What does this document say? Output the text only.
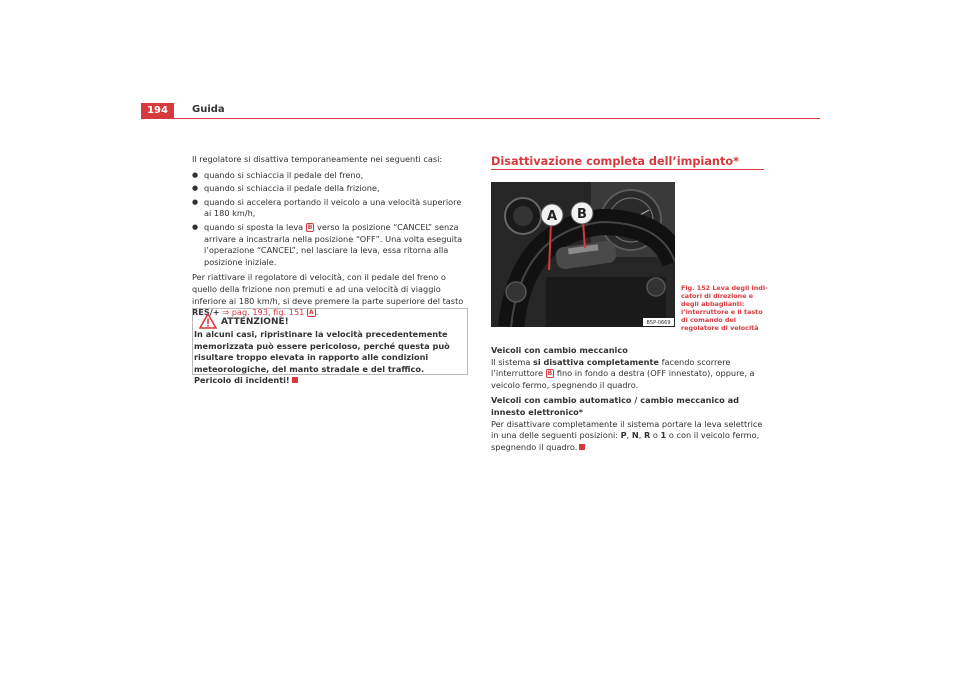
194	Guida

Il regolatore si disattiva temporaneamente nei seguenti casi:

● quando si schiaccia il pedale del freno,
● quando si schiaccia il pedale della frizione,
● quando si accelera portando il veicolo a una velocità superiore ai 180 km/h,
● quando si sposta la leva B verso la posizione “CANCEL” senza arrivare a incastrarla nella posizione “OFF”. Una volta eseguita l’operazione “CANCEL”, nel lasciare la leva, essa ritorna alla posizione iniziale.

Per riattivare il regolatore di velocità, con il pedale del freno o quello della frizione non premuti e ad una velocità di viaggio inferiore ai 180 km/h, si deve premere la parte superiore del tasto RES/+ ⇒ pag. 193, fig. 151 A .

ATTENZIONE!
In alcuni casi, ripristinare la velocità precedentemente memorizzata può essere pericoloso, perché questa può risultare troppo elevata in rapporto alle condizioni meteorologiche, del manto stradale e del traffico. Pericolo di incidenti!
Disattivazione completa dell’impianto*
A B
B5P-0669
Fig. 152 Leva degli indi-catori di direzione e degli abbaglianti: l’interruttore e il tasto di comando del regolatore di velocità

Veicoli con cambio meccanico

Il sistema si disattiva completamente facendo scorrere l’interruttore B fino in fondo a destra (OFF innestato), oppure, a veicolo fermo, spegnendo il quadro.

Veicoli con cambio automatico / cambio meccanico ad innesto elettronico*

Per disattivare completamente il sistema portare la leva selettrice in una delle seguenti posizioni: P, N, R o 1 o con il veicolo fermo, spegnendo il quadro.
